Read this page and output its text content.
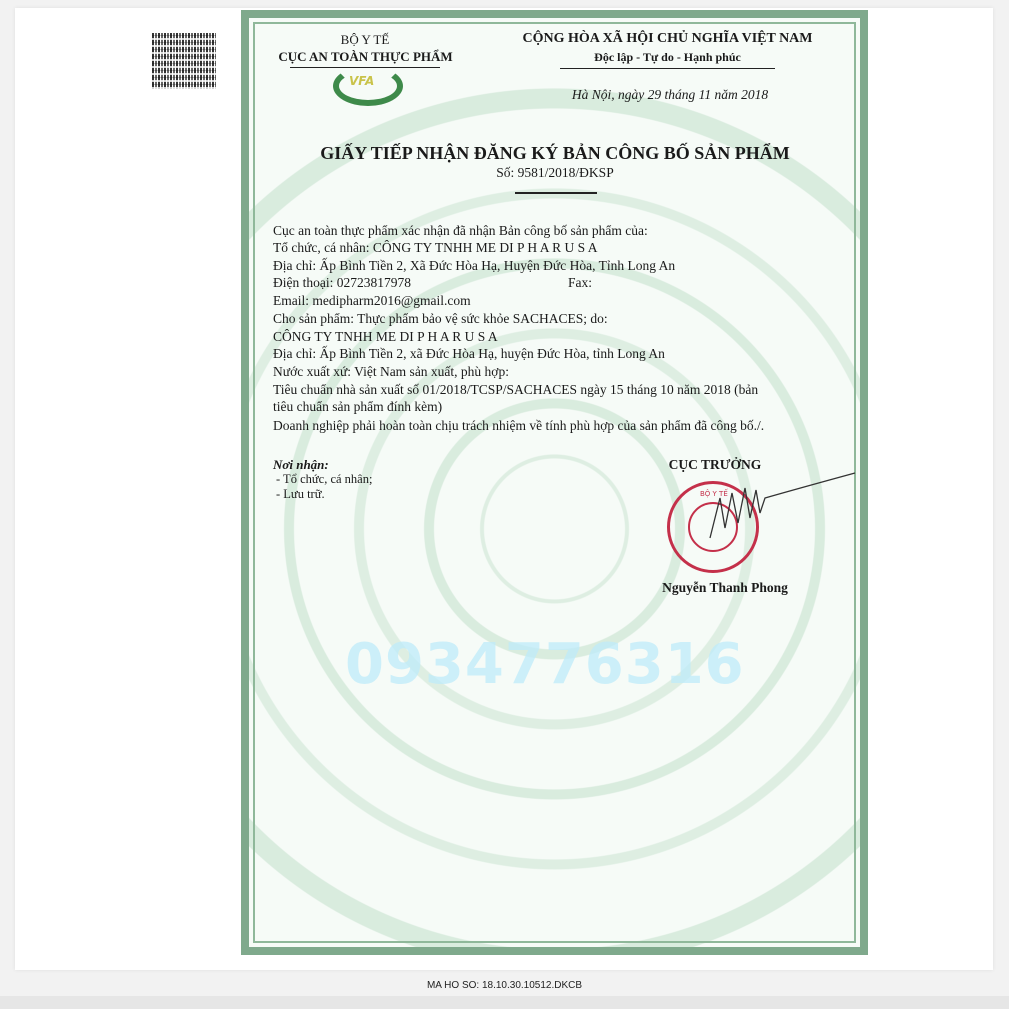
BỘ Y TẾ
CỤC AN TOÀN THỰC PHẨM
VFA
CỘNG HÒA XÃ HỘI CHỦ NGHĨA VIỆT NAM
Độc lập - Tự do - Hạnh phúc
Hà Nội, ngày 29 tháng 11 năm 2018
GIẤY TIẾP NHẬN ĐĂNG KÝ BẢN CÔNG BỐ SẢN PHẨM
Số: 9581/2018/ĐKSP
Cục an toàn thực phẩm xác nhận đã nhận Bản công bố sản phẩm của:
Tổ chức, cá nhân: CÔNG TY TNHH ME DI P H A R U S A
Địa chỉ: Ấp Bình Tiền 2, Xã Đức Hòa Hạ, Huyện Đức Hòa, Tỉnh Long An
Điện thoại: 02723817978	Fax:
Email: medipharm2016@gmail.com
Cho sản phẩm: Thực phẩm bảo vệ sức khỏe SACHACES; do:
CÔNG TY TNHH ME DI P H A R U S A
Địa chỉ: Ấp Bình Tiền 2, xã Đức Hòa Hạ, huyện Đức Hòa, tỉnh Long An
Nước xuất xứ: Việt Nam sản xuất, phù hợp:
Tiêu chuẩn nhà sản xuất số 01/2018/TCSP/SACHACES ngày 15 tháng 10 năm 2018 (bản
tiêu chuẩn sản phẩm đính kèm)
Doanh nghiệp phải hoàn toàn chịu trách nhiệm về tính phù hợp của sản phẩm đã công bố./.
Nơi nhận:
- Tổ chức, cá nhân;
- Lưu trữ.
CỤC TRƯỞNG
BỘ Y TẾ
Nguyễn Thanh Phong
0934776316
MA HO SO: 18.10.30.10512.DKCB
